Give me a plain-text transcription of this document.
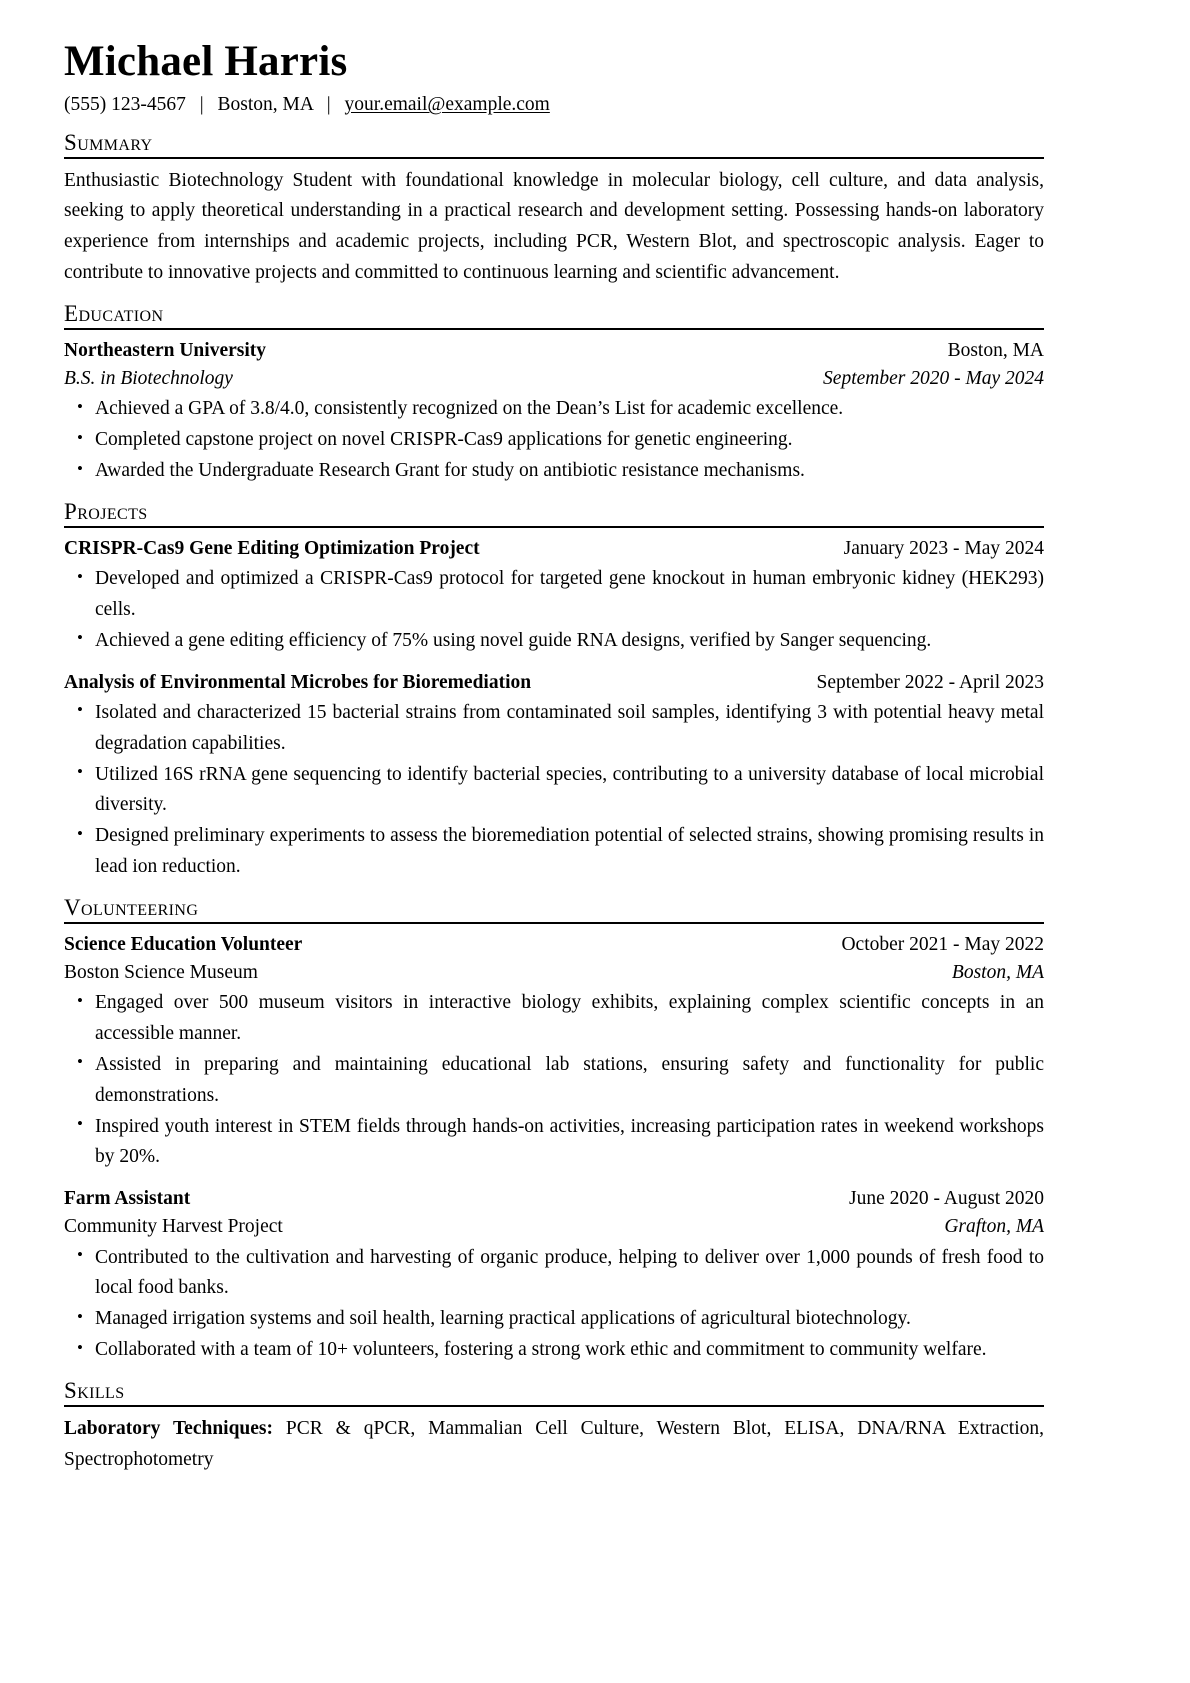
Michael Harris
(555) 123-4567 | Boston, MA | your.email@example.com
Summary

Enthusiastic Biotechnology Student with foundational knowledge in molecular biology, cell culture, and data analysis, seeking to apply theoretical understanding in a practical research and development setting. Possessing hands-on laboratory experience from internships and academic projects, including PCR, Western Blot, and spectroscopic analysis. Eager to contribute to innovative projects and committed to continuous learning and scientific advancement.

Education
Northeastern University	Boston, MA
B.S. in Biotechnology	September 2020 - May 2024
• Achieved a GPA of 3.8/4.0, consistently recognized on the Dean’s List for academic excellence.
• Completed capstone project on novel CRISPR-Cas9 applications for genetic engineering.
• Awarded the Undergraduate Research Grant for study on antibiotic resistance mechanisms.
Projects
CRISPR-Cas9 Gene Editing Optimization Project	January 2023 - May 2024
• Developed and optimized a CRISPR-Cas9 protocol for targeted gene knockout in human embryonic kidney (HEK293) cells.
• Achieved a gene editing efficiency of 75% using novel guide RNA designs, verified by Sanger sequencing.
Analysis of Environmental Microbes for Bioremediation	September 2022 - April 2023
• Isolated and characterized 15 bacterial strains from contaminated soil samples, identifying 3 with potential heavy metal degradation capabilities.
• Utilized 16S rRNA gene sequencing to identify bacterial species, contributing to a university database of local microbial diversity.
• Designed preliminary experiments to assess the bioremediation potential of selected strains, showing promising results in lead ion reduction.
Volunteering
Science Education Volunteer	October 2021 - May 2022
Boston Science Museum	Boston, MA
• Engaged over 500 museum visitors in interactive biology exhibits, explaining complex scientific concepts in an accessible manner.
• Assisted in preparing and maintaining educational lab stations, ensuring safety and functionality for public demonstrations.
• Inspired youth interest in STEM fields through hands-on activities, increasing participation rates in weekend workshops by 20%.
Farm Assistant	June 2020 - August 2020
Community Harvest Project	Grafton, MA
• Contributed to the cultivation and harvesting of organic produce, helping to deliver over 1,000 pounds of fresh food to local food banks.
• Managed irrigation systems and soil health, learning practical applications of agricultural biotechnology.
• Collaborated with a team of 10+ volunteers, fostering a strong work ethic and commitment to community welfare.
Skills

Laboratory Techniques: PCR & qPCR, Mammalian Cell Culture, Western Blot, ELISA, DNA/RNA Extraction, Spectrophotometry
